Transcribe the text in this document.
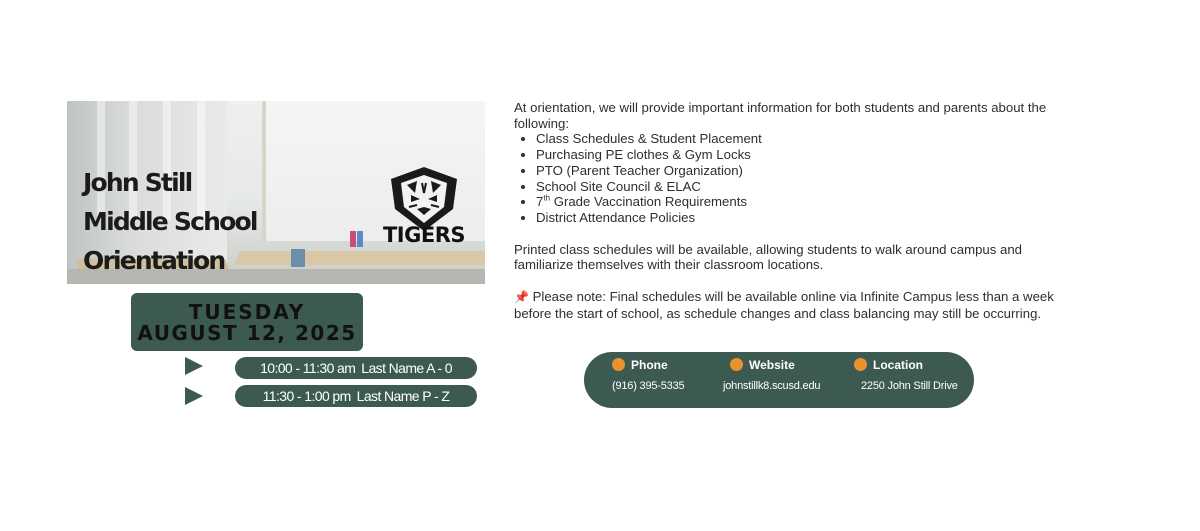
John Still
Middle School
Orientation
TIGERS
TUESDAY
AUGUST 12, 2025
10:00 - 11:30 am Last Name A - 0
11:30 - 1:00 pm Last Name P - Z

At orientation, we will provide important information for both students and parents about the following:

• Class Schedules & Student Placement
• Purchasing PE clothes & Gym Locks
• PTO (Parent Teacher Organization)
• School Site Council & ELAC
• 7th Grade Vaccination Requirements
• District Attendance Policies

Printed class schedules will be available, allowing students to walk around campus and familiarize themselves with their classroom locations.

📌 Please note: Final schedules will be available online via Infinite Campus less than a week before the start of school, as schedule changes and class balancing may still be occurring.

Phone
(916) 395-5335
Website
johnstillk8.scusd.edu
Location
2250 John Still Drive
